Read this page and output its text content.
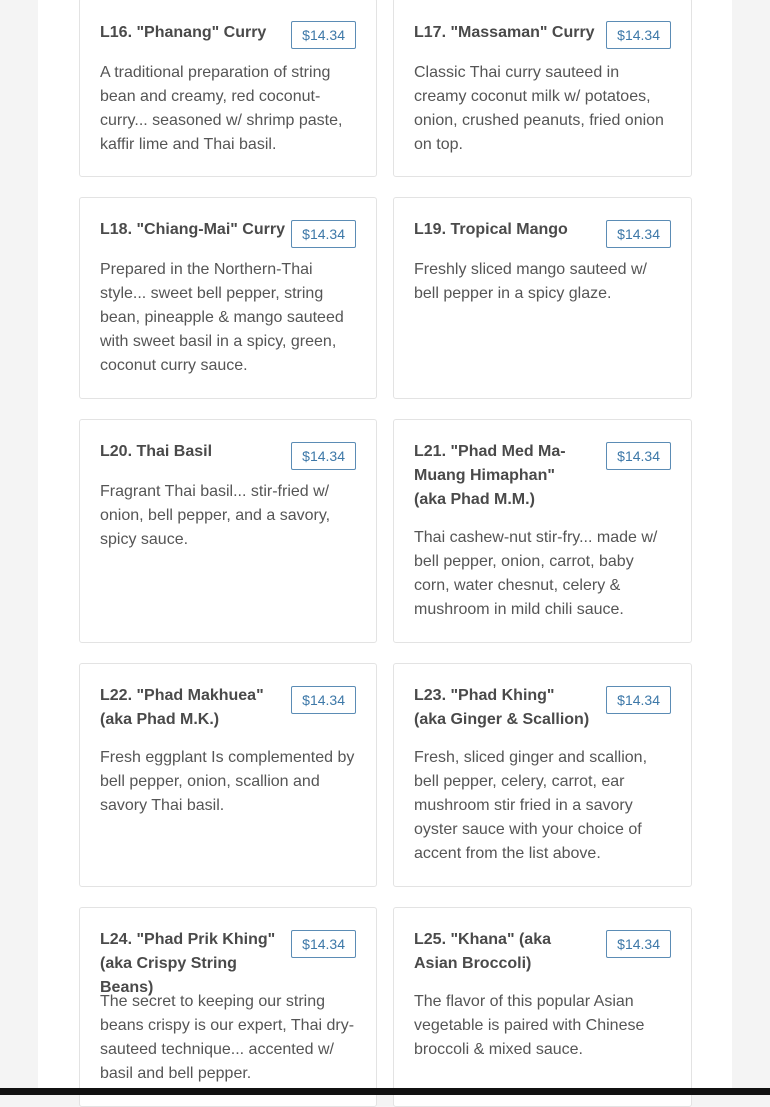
L16. "Phanang" Curry	$14.34
A traditional preparation of string bean and creamy, red coconut-curry... seasoned w/ shrimp paste, kaffir lime and Thai basil.
L17. "Massaman" Curry	$14.34
Classic Thai curry sauteed in creamy coconut milk w/ potatoes, onion, crushed peanuts, fried onion on top.
L18. "Chiang-Mai" Curry	$14.34
Prepared in the Northern-Thai style... sweet bell pepper, string bean, pineapple & mango sauteed with sweet basil in a spicy, green, coconut curry sauce.
L19. Tropical Mango	$14.34
Freshly sliced mango sauteed w/ bell pepper in a spicy glaze.
L20. Thai Basil	$14.34
Fragrant Thai basil... stir-fried w/ onion, bell pepper, and a savory, spicy sauce.
L21. "Phad Med Ma-Muang Himaphan" (aka Phad M.M.)
$14.34
Thai cashew-nut stir-fry... made w/ bell pepper, onion, carrot, baby corn, water chesnut, celery & mushroom in mild chili sauce.
L22. "Phad Makhuea" (aka Phad M.K.)
$14.34
Fresh eggplant Is complemented by bell pepper, onion, scallion and savory Thai basil.
L23. "Phad Khing" (aka Ginger & Scallion)
$14.34
Fresh, sliced ginger and scallion, bell pepper, celery, carrot, ear mushroom stir fried in a savory oyster sauce with your choice of accent from the list above.
L24. "Phad Prik Khing" (aka Crispy String Beans)
$14.34
The secret to keeping our string beans crispy is our expert, Thai dry-sauteed technique... accented w/ basil and bell pepper.
L25. "Khana" (aka Asian Broccoli)
$14.34
The flavor of this popular Asian vegetable is paired with Chinese broccoli & mixed sauce.
